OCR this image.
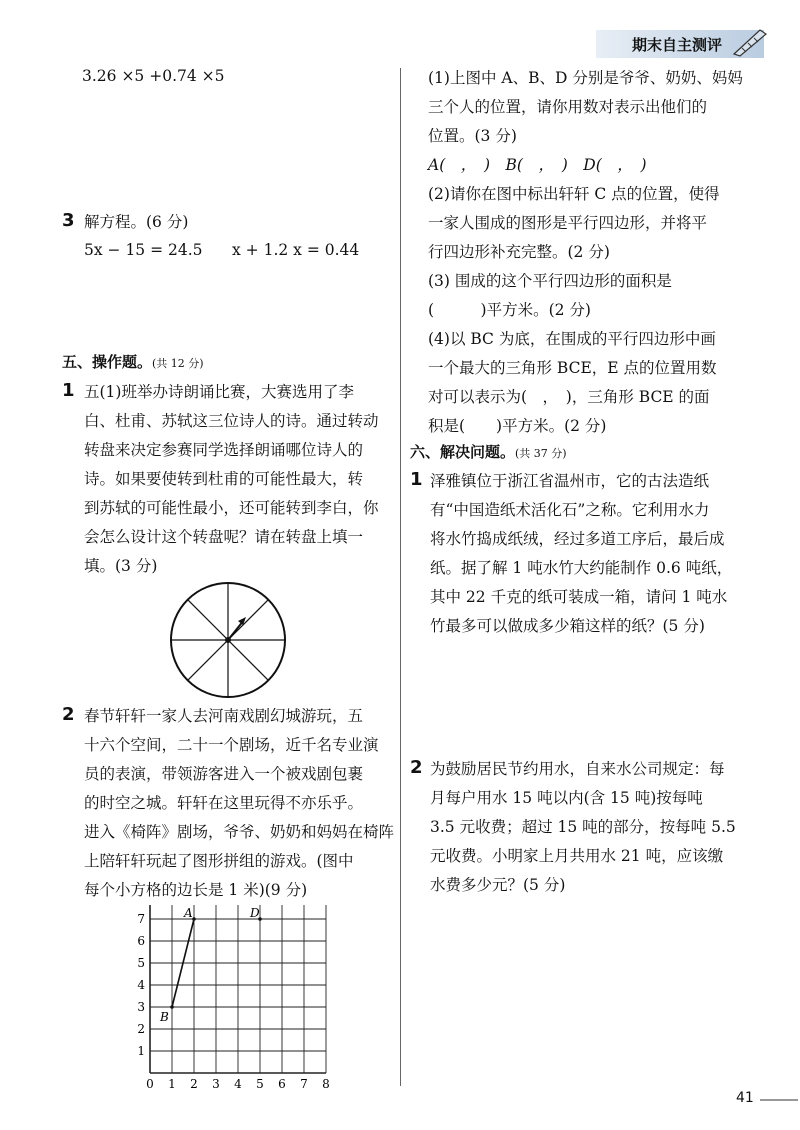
期末自主测评
3.26 ×5 +0.74 ×5
3 解方程。(6 分)
5x − 15 = 24.5 x + 1.2 x = 0.44
五、操作题。(共 12 分)
1 五(1)班举办诗朗诵比赛，大赛选用了李
白、杜甫、苏轼这三位诗人的诗。通过转动
转盘来决定参赛同学选择朗诵哪位诗人的
诗。如果要使转到杜甫的可能性最大，转
到苏轼的可能性最小，还可能转到李白，你
会怎么设计这个转盘呢？请在转盘上填一
填。(3 分)
2 春节轩轩一家人去河南戏剧幻城游玩，五
十六个空间，二十一个剧场，近千名专业演
员的表演，带领游客进入一个被戏剧包裹
的时空之城。轩轩在这里玩得不亦乐乎。
进入《椅阵》剧场，爷爷、奶奶和妈妈在椅阵
上陪轩轩玩起了图形拼组的游戏。(图中
每个小方格的边长是 1 米)(9 分)
0 1 2 3 4 5 6 7 8
1
2
3
4
5
6
7	A
B
D
(1)上图中 A、B、D 分别是爷爷、奶奶、妈妈
三个人的位置，请你用数对表示出他们的
位置。(3 分)
A(　，　)　B(　，　)　D(　，　)
(2)请你在图中标出轩轩 C 点的位置，使得
一家人围成的图形是平行四边形，并将平
行四边形补充完整。(2 分)
(3) 围成的这个平行四边形的面积是
(　　　)平方米。(2 分)
(4)以 BC 为底，在围成的平行四边形中画
一个最大的三角形 BCE，E 点的位置用数
对可以表示为(　，　)，三角形 BCE 的面
积是(　　)平方米。(2 分)
六、解决问题。(共 37 分)
1 泽雅镇位于浙江省温州市，它的古法造纸
有“中国造纸术活化石”之称。它利用水力
将水竹捣成纸绒，经过多道工序后，最后成
纸。据了解 1 吨水竹大约能制作 0.6 吨纸，
其中 22 千克的纸可装成一箱，请问 1 吨水
竹最多可以做成多少箱这样的纸？(5 分)
2 为鼓励居民节约用水，自来水公司规定：每
月每户用水 15 吨以内(含 15 吨)按每吨
3.5 元收费；超过 15 吨的部分，按每吨 5.5
元收费。小明家上月共用水 21 吨，应该缴
水费多少元？(5 分)
41
